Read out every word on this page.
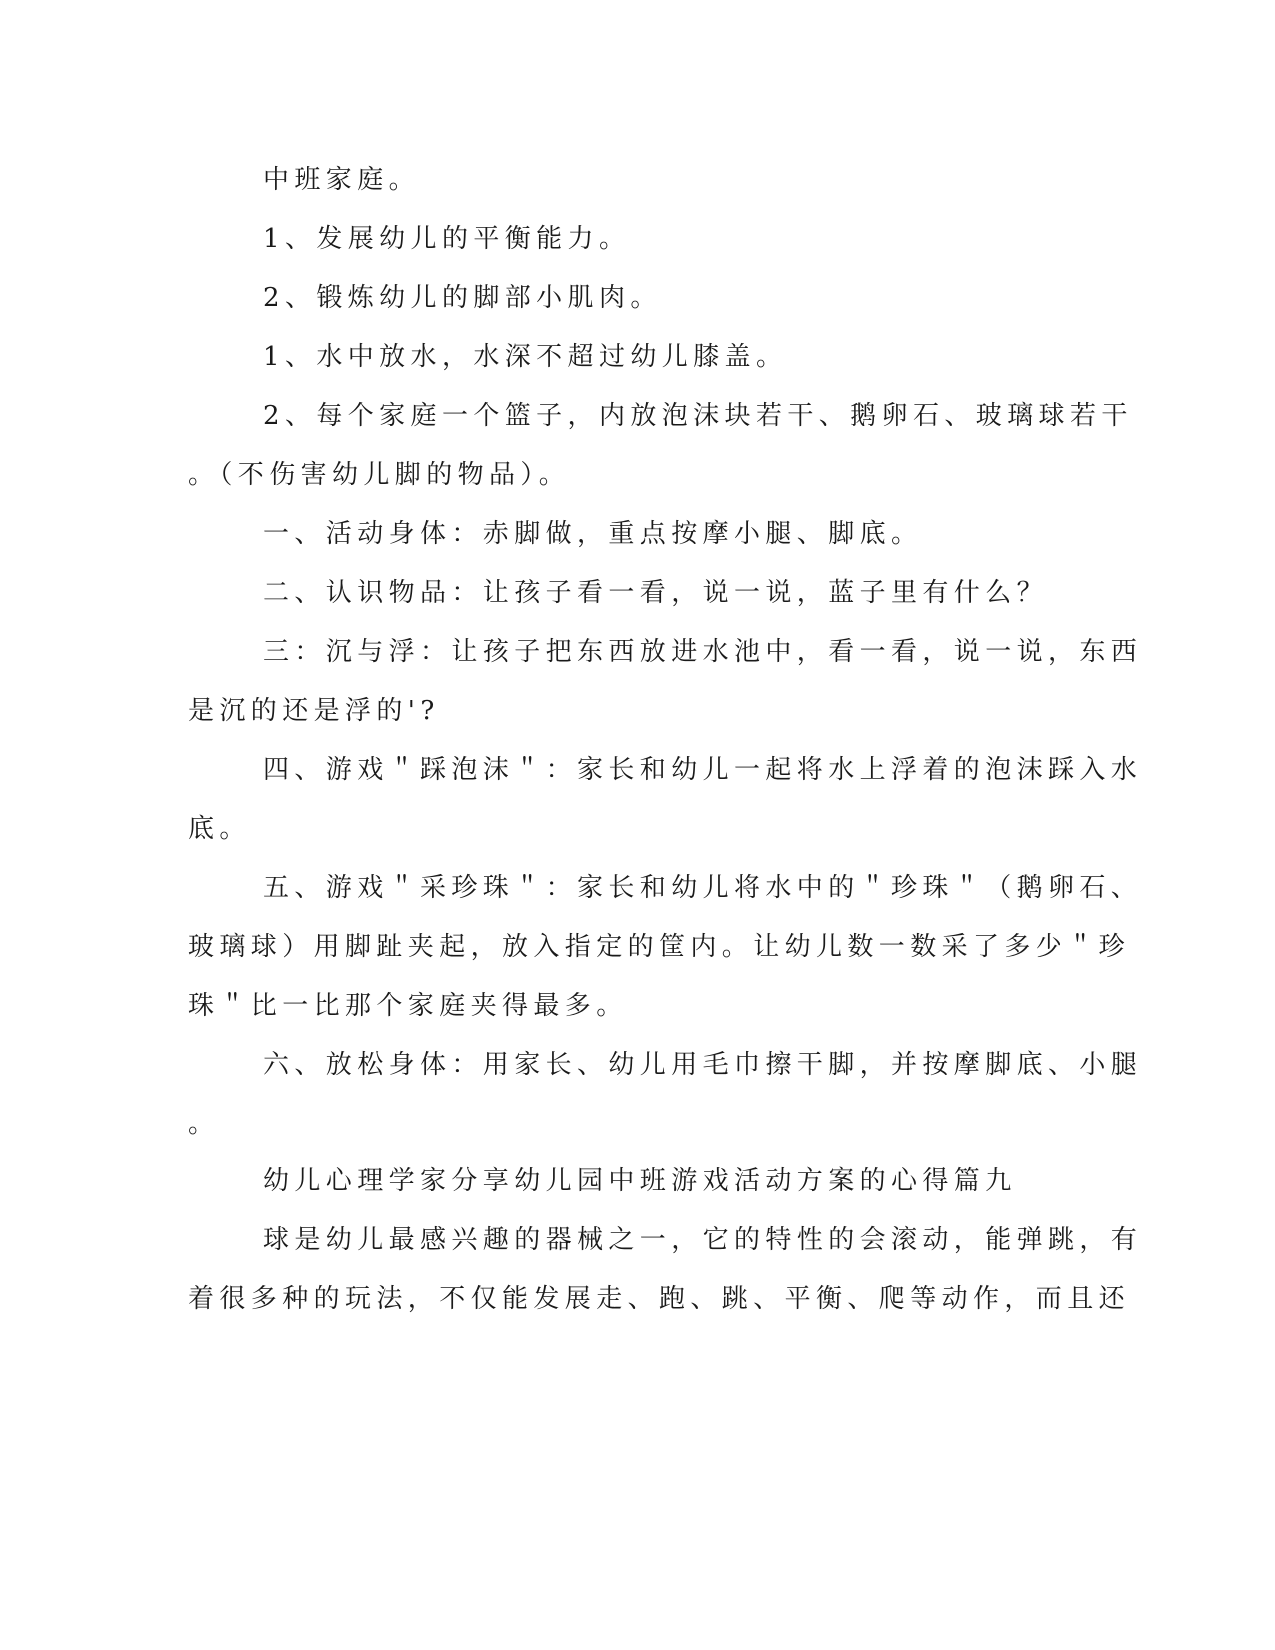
中班家庭。
1、发展幼儿的平衡能力。
2、锻炼幼儿的脚部小肌肉。
1、水中放水，水深不超过幼儿膝盖。
2、每个家庭一个篮子，内放泡沫块若干、鹅卵石、玻璃球若干
。（不伤害幼儿脚的物品）。
一、活动身体：赤脚做，重点按摩小腿、脚底。
二、认识物品：让孩子看一看，说一说，蓝子里有什么？
三：沉与浮：让孩子把东西放进水池中，看一看，说一说，东西
是沉的还是浮的'?
四、游戏＂踩泡沫＂：家长和幼儿一起将水上浮着的泡沫踩入水
底。
五、游戏＂采珍珠＂：家长和幼儿将水中的＂珍珠＂（鹅卵石、
玻璃球）用脚趾夹起，放入指定的筐内。让幼儿数一数采了多少＂珍
珠＂比一比那个家庭夹得最多。
六、放松身体：用家长、幼儿用毛巾擦干脚，并按摩脚底、小腿
。
幼儿心理学家分享幼儿园中班游戏活动方案的心得篇九
球是幼儿最感兴趣的器械之一，它的特性的会滚动，能弹跳，有
着很多种的玩法，不仅能发展走、跑、跳、平衡、爬等动作，而且还
